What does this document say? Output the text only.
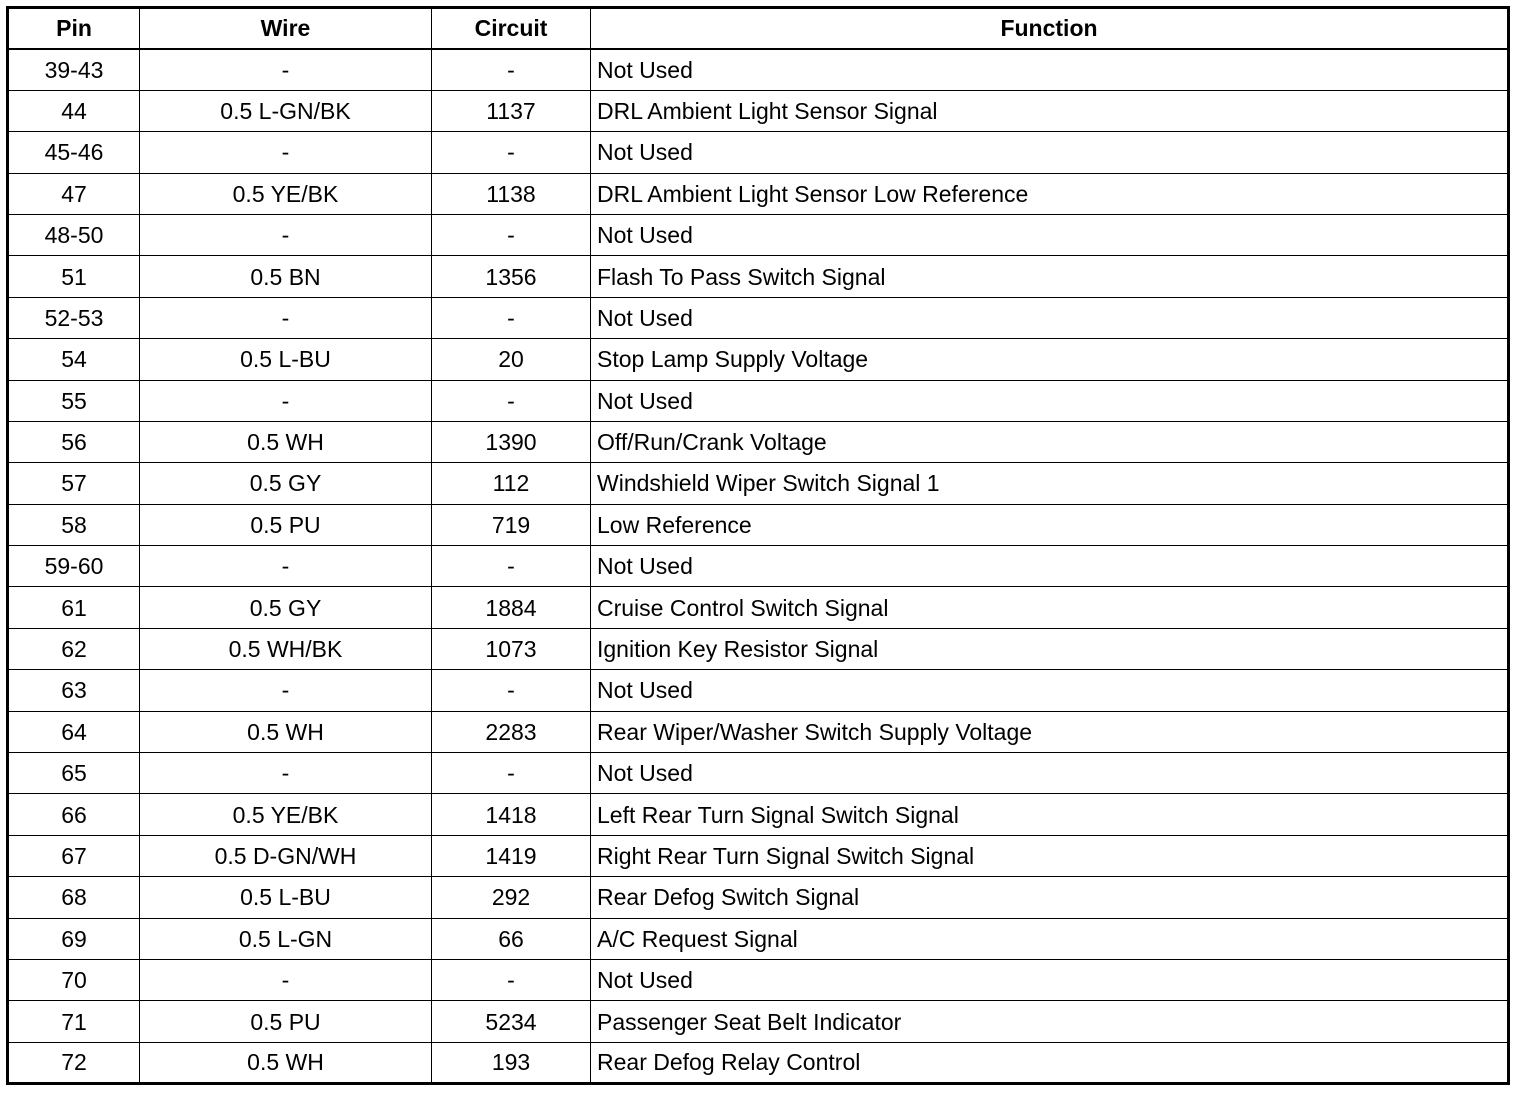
Pin	Wire	Circuit	Function
39-43	-	-	Not Used
44	0.5 L-GN/BK	1137	DRL Ambient Light Sensor Signal
45-46	-	-	Not Used
47	0.5 YE/BK	1138	DRL Ambient Light Sensor Low Reference
48-50	-	-	Not Used
51	0.5 BN	1356	Flash To Pass Switch Signal
52-53	-	-	Not Used
54	0.5 L-BU	20	Stop Lamp Supply Voltage
55	-	-	Not Used
56	0.5 WH	1390	Off/Run/Crank Voltage
57	0.5 GY	112	Windshield Wiper Switch Signal 1
58	0.5 PU	719	Low Reference
59-60	-	-	Not Used
61	0.5 GY	1884	Cruise Control Switch Signal
62	0.5 WH/BK	1073	Ignition Key Resistor Signal
63	-	-	Not Used
64	0.5 WH	2283	Rear Wiper/Washer Switch Supply Voltage
65	-	-	Not Used
66	0.5 YE/BK	1418	Left Rear Turn Signal Switch Signal
67	0.5 D-GN/WH	1419	Right Rear Turn Signal Switch Signal
68	0.5 L-BU	292	Rear Defog Switch Signal
69	0.5 L-GN	66	A/C Request Signal
70	-	-	Not Used
71	0.5 PU	5234	Passenger Seat Belt Indicator
72	0.5 WH	193	Rear Defog Relay Control
